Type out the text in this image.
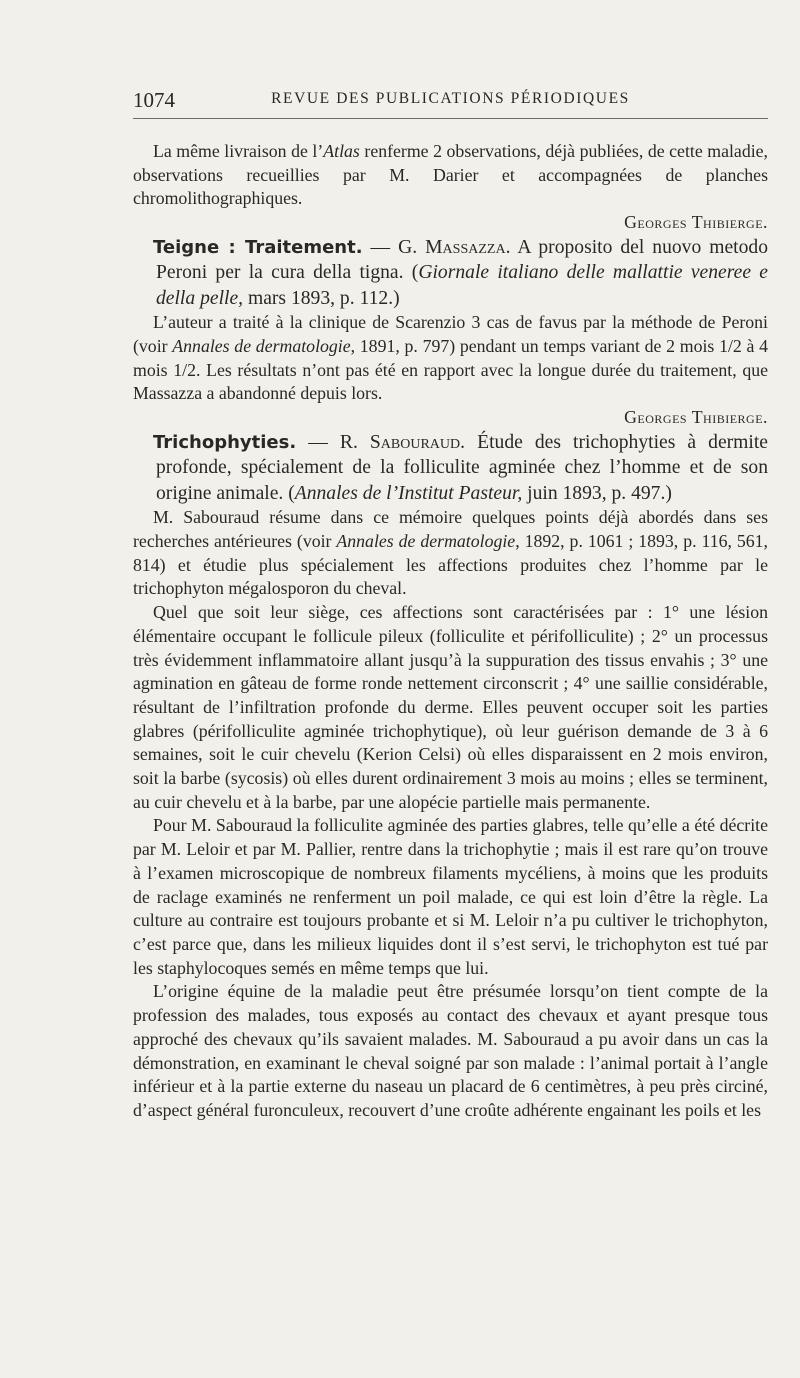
1074	REVUE DES PUBLICATIONS PÉRIODIQUES

La même livraison de l’Atlas renferme 2 observations, déjà publiées, de cette maladie, observations recueillies par M. Darier et accompagnées de planches chromolithographiques.
Georges Thibierge.

Teigne : Traitement. — G. Massazza. A proposito del nuovo metodo Peroni per la cura della tigna. (Giornale italiano delle mallattie veneree e della pelle, mars 1893, p. 112.)

L’auteur a traité à la clinique de Scarenzio 3 cas de favus par la méthode de Peroni (voir Annales de dermatologie, 1891, p. 797) pendant un temps variant de 2 mois 1/2 à 4 mois 1/2. Les résultats n’ont pas été en rapport avec la longue durée du traitement, que Massazza a abandonné depuis lors.
Georges Thibierge.

Trichophyties. — R. Sabouraud. Étude des trichophyties à dermite profonde, spécialement de la folliculite agminée chez l’homme et de son origine animale. (Annales de l’Institut Pasteur, juin 1893, p. 497.)

M. Sabouraud résume dans ce mémoire quelques points déjà abordés dans ses recherches antérieures (voir Annales de dermatologie, 1892, p. 1061 ; 1893, p. 116, 561, 814) et étudie plus spécialement les affections produites chez l’homme par le trichophyton mégalosporon du cheval.

Quel que soit leur siège, ces affections sont caractérisées par : 1° une lésion élémentaire occupant le follicule pileux (folliculite et périfolliculite) ; 2° un processus très évidemment inflammatoire allant jusqu’à la suppuration des tissus envahis ; 3° une agmination en gâteau de forme ronde nettement circonscrit ; 4° une saillie considérable, résultant de l’infiltration profonde du derme. Elles peuvent occuper soit les parties glabres (périfolliculite agminée trichophytique), où leur guérison demande de 3 à 6 semaines, soit le cuir chevelu (Kerion Celsi) où elles disparaissent en 2 mois environ, soit la barbe (sycosis) où elles durent ordinairement 3 mois au moins ; elles se terminent, au cuir chevelu et à la barbe, par une alopécie partielle mais permanente.

Pour M. Sabouraud la folliculite agminée des parties glabres, telle qu’elle a été décrite par M. Leloir et par M. Pallier, rentre dans la trichophytie ; mais il est rare qu’on trouve à l’examen microscopique de nombreux filaments mycéliens, à moins que les produits de raclage examinés ne renferment un poil malade, ce qui est loin d’être la règle. La culture au contraire est toujours probante et si M. Leloir n’a pu cultiver le trichophyton, c’est parce que, dans les milieux liquides dont il s’est servi, le trichophyton est tué par les staphylocoques semés en même temps que lui.

L’origine équine de la maladie peut être présumée lorsqu’on tient compte de la profession des malades, tous exposés au contact des chevaux et ayant presque tous approché des chevaux qu’ils savaient malades. M. Sabouraud a pu avoir dans un cas la démonstration, en examinant le cheval soigné par son malade : l’animal portait à l’angle inférieur et à la partie externe du naseau un placard de 6 centimètres, à peu près circiné, d’aspect général furonculeux, recouvert d’une croûte adhérente engainant les poils et les
